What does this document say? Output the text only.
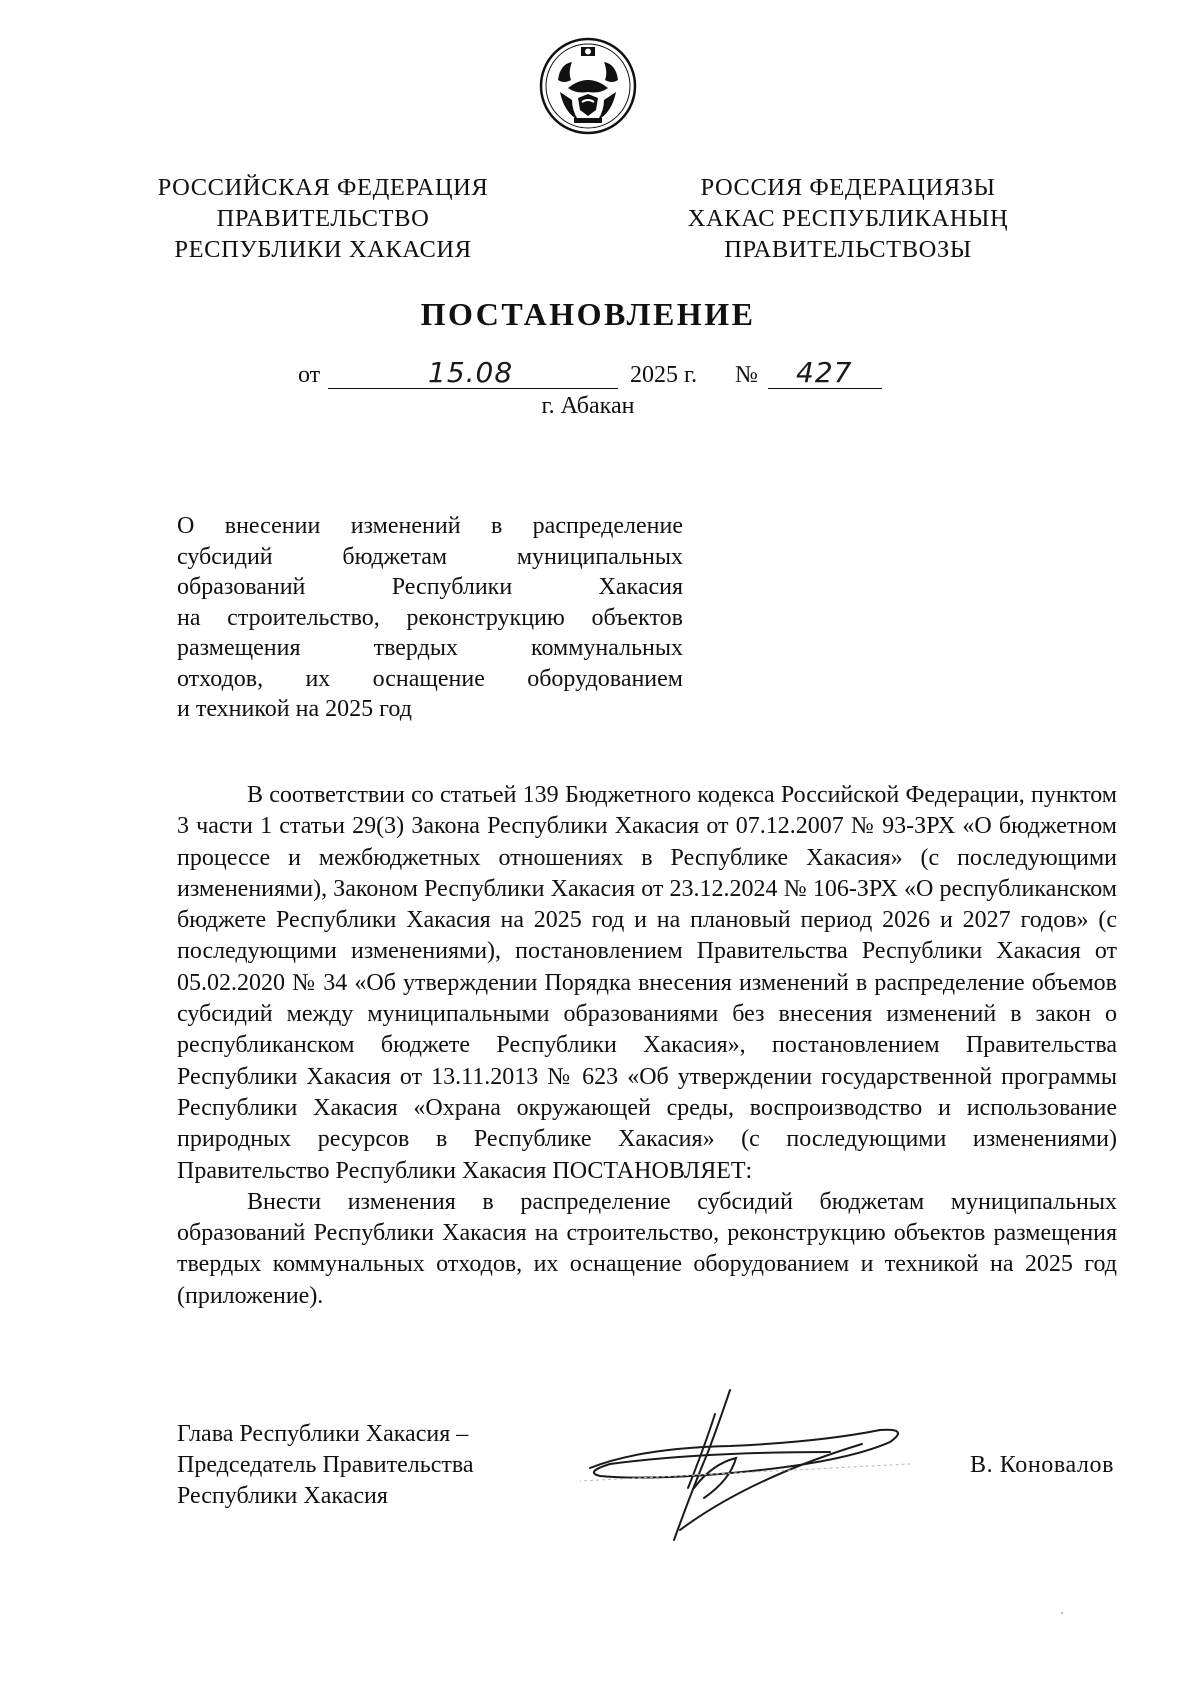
РОССИЙСКАЯ ФЕДЕРАЦИЯ
ПРАВИТЕЛЬСТВО
РЕСПУБЛИКИ ХАКАСИЯ
РОССИЯ ФЕДЕРАЦИЯЗЫ
ХАКАС РЕСПУБЛИКАНЫҢ
ПРАВИТЕЛЬСТВОЗЫ
ПОСТАНОВЛЕНИЕ
от	15.08	2025 г. № 427
г. Абакан
О внесении изменений в распределение
субсидий бюджетам муниципальных
образований Республики Хакасия
на строительство, реконструкцию объектов
размещения твердых коммунальных
отходов, их оснащение оборудованием
и техникой на 2025 год
В соответствии со статьей 139 Бюджетного кодекса Российской Федерации, пунктом 3 части 1 статьи 29(3) Закона Республики Хакасия от 07.12.2007 № 93-ЗРХ «О бюджетном процессе и межбюджетных отношениях в Республике Хакасия» (с последующими изменениями), Законом Республики Хакасия от 23.12.2024 № 106-ЗРХ «О республиканском бюджете Республики Хакасия на 2025 год и на плановый период 2026 и 2027 годов» (с последующими изменениями), постановлением Правительства Республики Хакасия от 05.02.2020 № 34 «Об утверждении Порядка внесения изменений в распределение объемов субсидий между муниципальными образованиями без внесения изменений в закон о республиканском бюджете Республики Хакасия», постановлением Правительства Республики Хакасия от 13.11.2013 № 623 «Об утверждении государственной программы Республики Хакасия «Охрана окружающей среды, воспроизводство и использование природных ресурсов в Республике Хакасия» (с последующими изменениями) Правительство Республики Хакасия ПОСТАНОВЛЯЕТ:
Внести изменения в распределение субсидий бюджетам муниципальных образований Республики Хакасия на строительство, реконструкцию объектов размещения твердых коммунальных отходов, их оснащение оборудованием и техникой на 2025 год (приложение).
Глава Республики Хакасия –
Председатель Правительства
Республики Хакасия
В. Коновалов
